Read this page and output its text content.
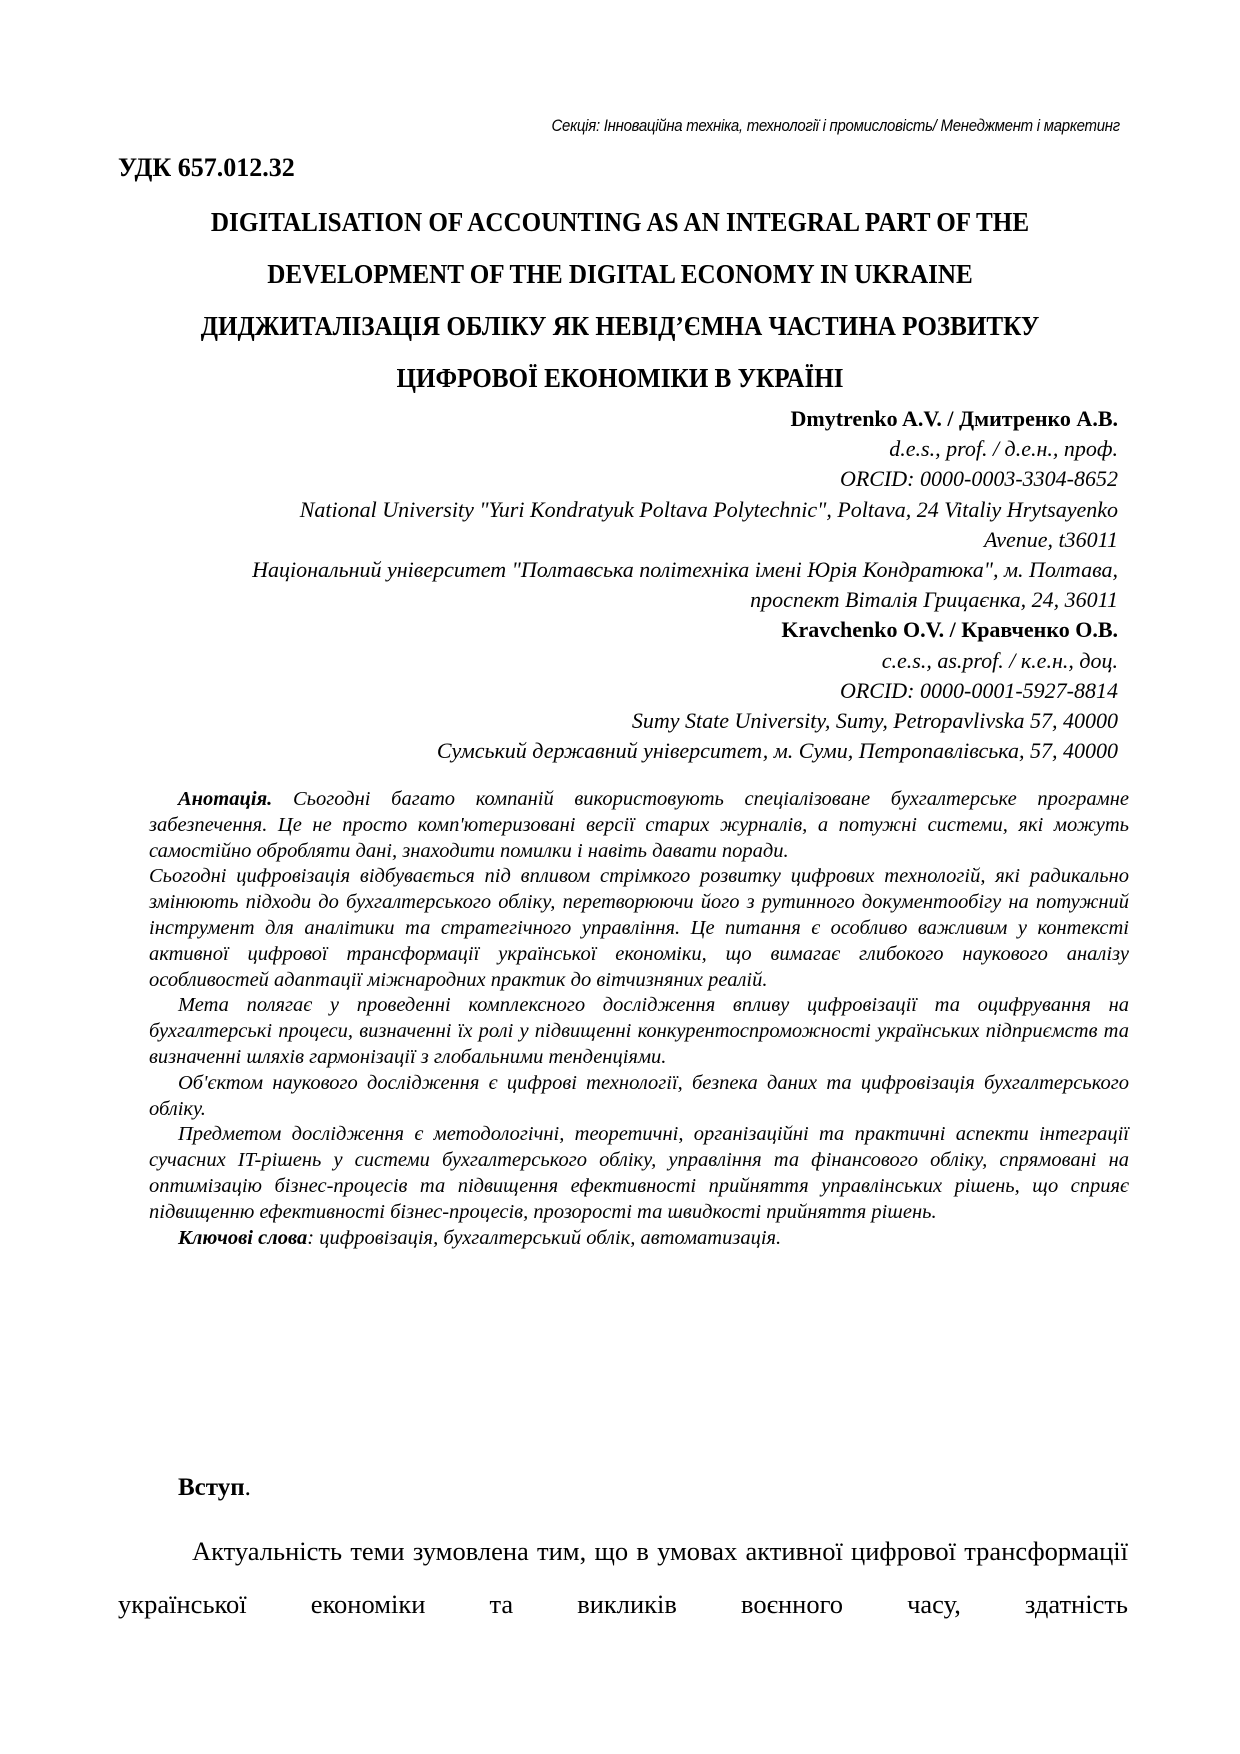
Секція: Інноваційна техніка, технології і промисловість/ Менеджмент і маркетинг
УДК 657.012.32
DIGITALISATION OF ACCOUNTING AS AN INTEGRAL PART OF THE
DEVELOPMENT OF THE DIGITAL ECONOMY IN UKRAINE
ДИДЖИТАЛІЗАЦІЯ ОБЛІКУ ЯК НЕВІД’ЄМНА ЧАСТИНА РОЗВИТКУ
ЦИФРОВОЇ ЕКОНОМІКИ В УКРАЇНІ
Dmytrenko A.V. / Дмитренко А.В.
d.e.s., prof. / д.е.н., проф.
ORCID: 0000-0003-3304-8652
National University "Yuri Kondratyuk Poltava Polytechnic", Poltava, 24 Vitaliy Hrytsayenko
Avenue, t36011
Національний університет "Полтавська політехніка імені Юрія Кондратюка", м. Полтава,
проспект Віталія Грицаєнка, 24, 36011
Kravchenko O.V. / Кравченко О.В.
c.e.s., as.prof. / к.е.н., доц.
ORCID: 0000-0001-5927-8814
Sumy State University, Sumy, Petropavlivska 57, 40000
Сумський державний університет, м. Суми, Петропавлівська, 57, 40000

Анотація. Сьогодні багато компаній використовують спеціалізоване бухгалтерське програмне забезпечення. Це не просто комп'ютеризовані версії старих журналів, а потужні системи, які можуть самостійно обробляти дані, знаходити помилки і навіть давати поради.

Сьогодні цифровізація відбувається під впливом стрімкого розвитку цифрових технологій, які радикально змінюють підходи до бухгалтерського обліку, перетворюючи його з рутинного документообігу на потужний інструмент для аналітики та стратегічного управління. Це питання є особливо важливим у контексті активної цифрової трансформації української економіки, що вимагає глибокого наукового аналізу особливостей адаптації міжнародних практик до вітчизняних реалій.

Мета полягає у проведенні комплексного дослідження впливу цифровізації та оцифрування на бухгалтерські процеси, визначенні їх ролі у підвищенні конкурентоспроможності українських підприємств та визначенні шляхів гармонізації з глобальними тенденціями.

Об'єктом наукового дослідження є цифрові технології, безпека даних та цифровізація бухгалтерського обліку.

Предметом дослідження є методологічні, теоретичні, організаційні та практичні аспекти інтеграції сучасних IT-рішень у системи бухгалтерського обліку, управління та фінансового обліку, спрямовані на оптимізацію бізнес-процесів та підвищення ефективності прийняття управлінських рішень, що сприяє підвищенню ефективності бізнес-процесів, прозорості та швидкості прийняття рішень.

Ключові слова: цифровізація, бухгалтерський облік, автоматизація.

Вступ.

Актуальність теми зумовлена тим, що в умовах активної цифрової трансформації української економіки та викликів воєнного часу, здатність
